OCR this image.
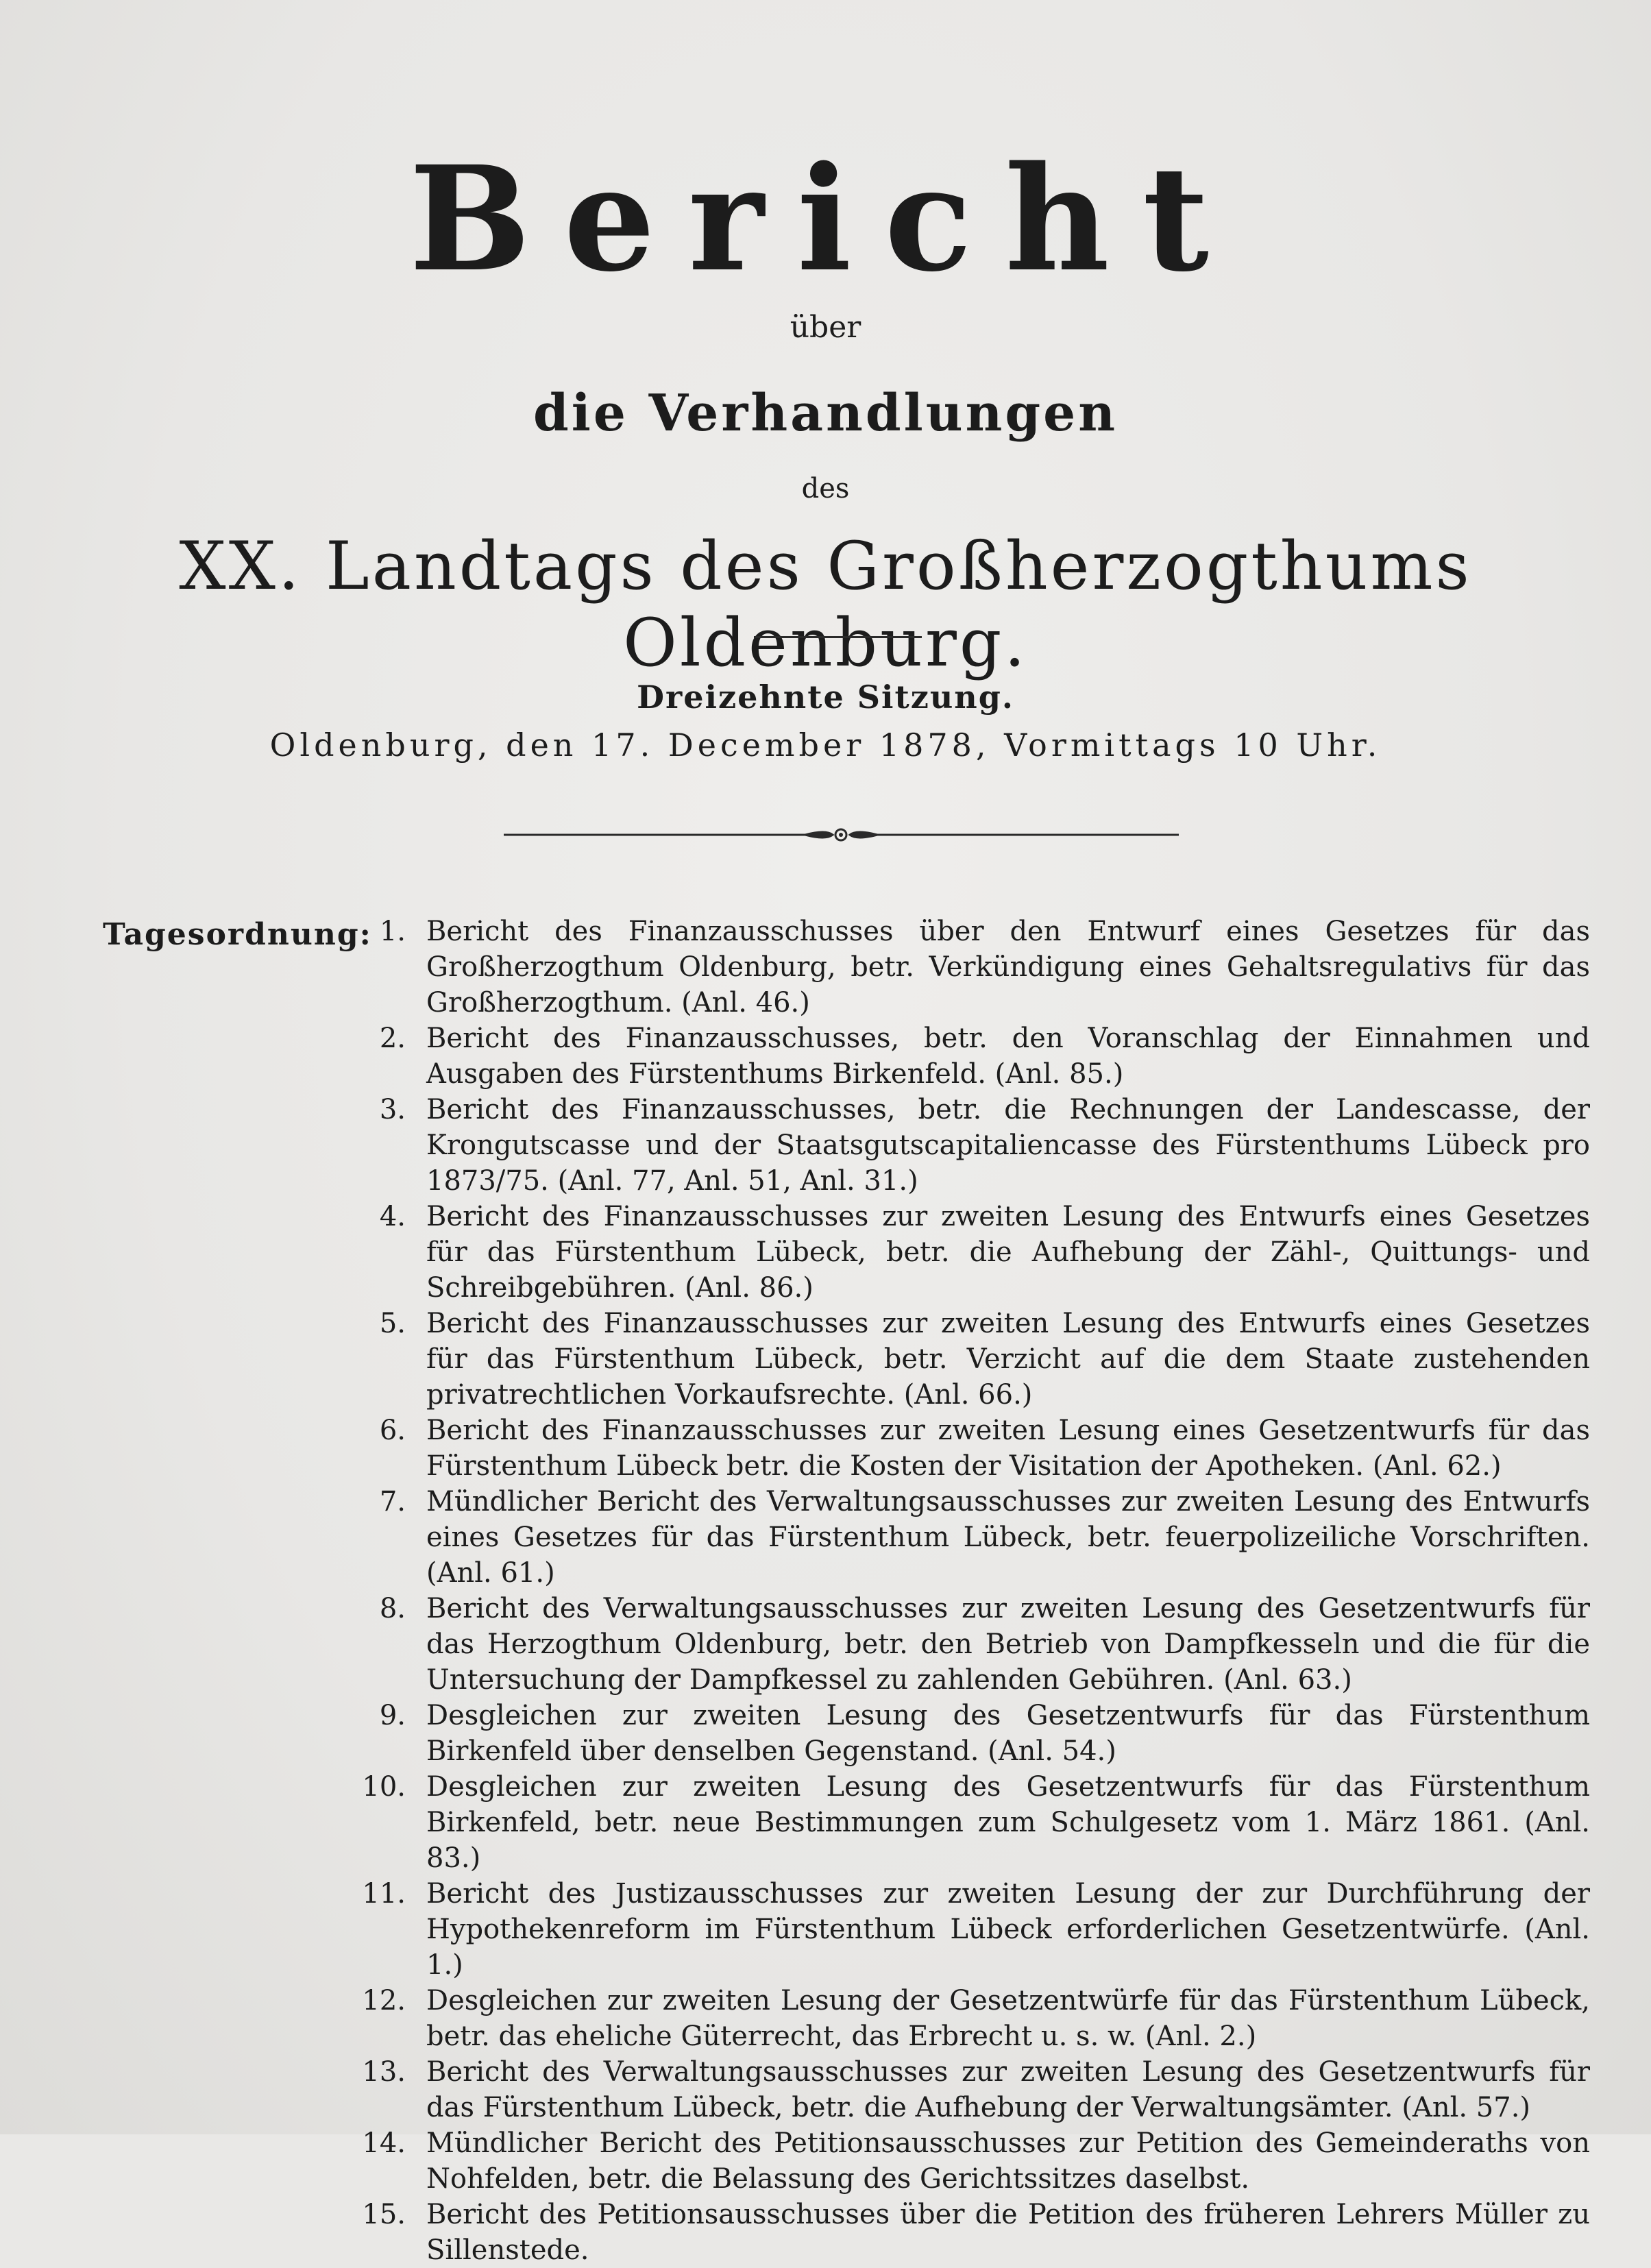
Bericht
über
die Verhandlungen
des
XX. Landtags des Großherzogthums Oldenburg.
Dreizehnte Sitzung.
Oldenburg, den 17. December 1878, Vormittags 10 Uhr.
Tagesordnung: 1. Bericht des Finanzausschusses über den Entwurf eines Gesetzes für das Großherzogthum Oldenburg, betr. Verkündigung eines Gehaltsregulativs für das Großherzogthum. (Anl. 46.)
2. Bericht des Finanzausschusses, betr. den Voranschlag der Einnahmen und Ausgaben des Fürstenthums Birkenfeld. (Anl. 85.)
3. Bericht des Finanzausschusses, betr. die Rechnungen der Landescasse, der Krongutscasse und der Staatsgutscapitaliencasse des Fürstenthums Lübeck pro 1873/75. (Anl. 77, Anl. 51, Anl. 31.)
4. Bericht des Finanzausschusses zur zweiten Lesung des Entwurfs eines Gesetzes für das Fürstenthum Lübeck, betr. die Aufhebung der Zähl-, Quittungs- und Schreibgebühren. (Anl. 86.)
5. Bericht des Finanzausschusses zur zweiten Lesung des Entwurfs eines Gesetzes für das Fürstenthum Lübeck, betr. Verzicht auf die dem Staate zustehenden privatrechtlichen Vorkaufsrechte. (Anl. 66.)
6. Bericht des Finanzausschusses zur zweiten Lesung eines Gesetzentwurfs für das Fürstenthum Lübeck betr. die Kosten der Visitation der Apotheken. (Anl. 62.)
7. Mündlicher Bericht des Verwaltungsausschusses zur zweiten Lesung des Entwurfs eines Gesetzes für das Fürstenthum Lübeck, betr. feuerpolizeiliche Vorschriften. (Anl. 61.)
8. Bericht des Verwaltungsausschusses zur zweiten Lesung des Gesetzentwurfs für das Herzogthum Oldenburg, betr. den Betrieb von Dampfkesseln und die für die Untersuchung der Dampfkessel zu zahlenden Gebühren. (Anl. 63.)
9. Desgleichen zur zweiten Lesung des Gesetzentwurfs für das Fürstenthum Birkenfeld über denselben Gegenstand. (Anl. 54.)
10. Desgleichen zur zweiten Lesung des Gesetzentwurfs für das Fürstenthum Birkenfeld, betr. neue Bestimmungen zum Schulgesetz vom 1. März 1861. (Anl. 83.)
11. Bericht des Justizausschusses zur zweiten Lesung der zur Durchführung der Hypothekenreform im Fürstenthum Lübeck erforderlichen Gesetzentwürfe. (Anl. 1.)
12. Desgleichen zur zweiten Lesung der Gesetzentwürfe für das Fürstenthum Lübeck, betr. das eheliche Güterrecht, das Erbrecht u. s. w. (Anl. 2.)
13. Bericht des Verwaltungsausschusses zur zweiten Lesung des Gesetzentwurfs für das Fürstenthum Lübeck, betr. die Aufhebung der Verwaltungsämter. (Anl. 57.)
14. Mündlicher Bericht des Petitionsausschusses zur Petition des Gemeinderaths von Nohfelden, betr. die Belassung des Gerichtssitzes daselbst.
15. Bericht des Petitionsausschusses über die Petition des früheren Lehrers Müller zu Sillenstede.
